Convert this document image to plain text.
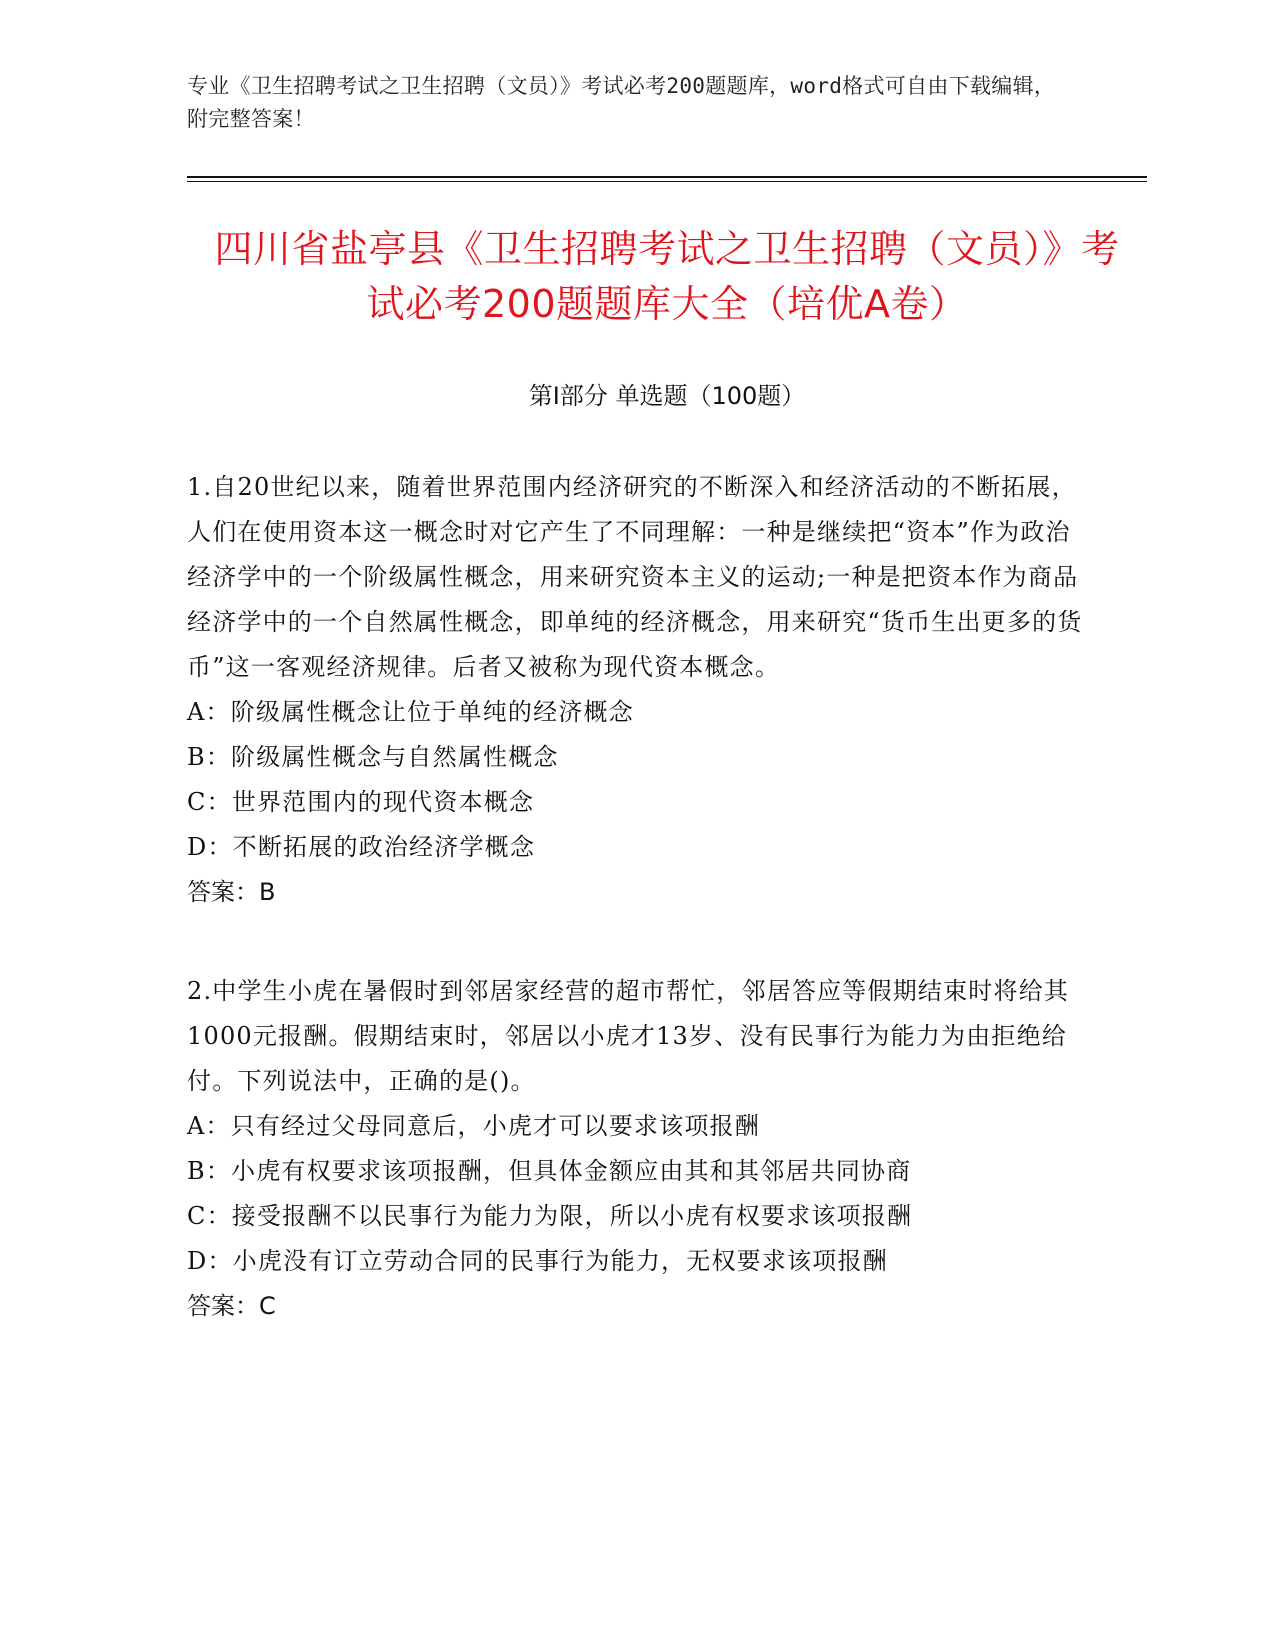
专业《卫生招聘考试之卫生招聘（文员）》考试必考200题题库，word格式可自由下载编辑，附完整答案！
四川省盐亭县《卫生招聘考试之卫生招聘（文员）》考试必考200题题库大全（培优A卷）
第Ⅰ部分 单选题（100题）
1.自20世纪以来，随着世界范围内经济研究的不断深入和经济活动的不断拓展，人们在使用资本这一概念时对它产生了不同理解：一种是继续把“资本”作为政治经济学中的一个阶级属性概念，用来研究资本主义的运动;一种是把资本作为商品经济学中的一个自然属性概念，即单纯的经济概念，用来研究“货币生出更多的货币”这一客观经济规律。后者又被称为现代资本概念。
A：阶级属性概念让位于单纯的经济概念
B：阶级属性概念与自然属性概念
C：世界范围内的现代资本概念
D：不断拓展的政治经济学概念
答案：B
2.中学生小虎在暑假时到邻居家经营的超市帮忙，邻居答应等假期结束时将给其1000元报酬。假期结束时，邻居以小虎才13岁、没有民事行为能力为由拒绝给付。下列说法中，正确的是()。
A：只有经过父母同意后，小虎才可以要求该项报酬
B：小虎有权要求该项报酬，但具体金额应由其和其邻居共同协商
C：接受报酬不以民事行为能力为限，所以小虎有权要求该项报酬
D：小虎没有订立劳动合同的民事行为能力，无权要求该项报酬
答案：C
